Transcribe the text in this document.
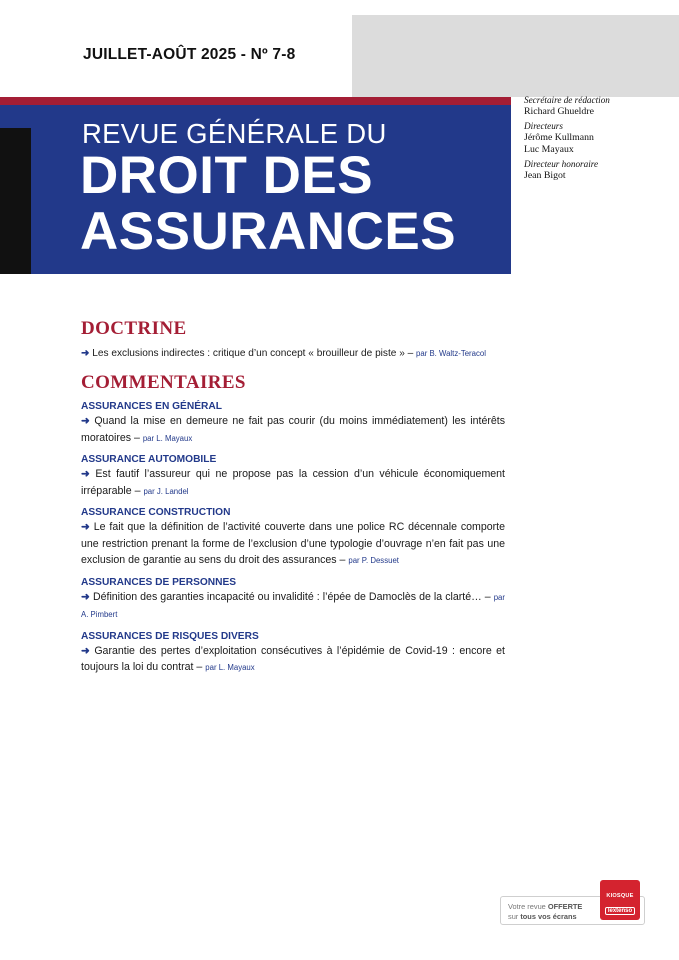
JUILLET-AOÛT 2025 - Nº 7-8
lextenso
REVUE GÉNÉRALE DU
DROIT DES
ASSURANCES
Secrétaire de rédaction
Richard Ghueldre
Directeurs
Jérôme Kullmann
Luc Mayaux
Directeur honoraire
Jean Bigot
DOCTRINE
➜ Les exclusions indirectes : critique d’un concept « brouilleur de piste » – par B. Waltz-Teracol
COMMENTAIRES
ASSURANCES EN GÉNÉRAL
➜ Quand la mise en demeure ne fait pas courir (du moins immédiatement) les intérêts moratoires – par L. Mayaux
ASSURANCE AUTOMOBILE
➜ Est fautif l’assureur qui ne propose pas la cession d’un véhicule économiquement irréparable – par J. Landel
ASSURANCE CONSTRUCTION
➜ Le fait que la définition de l’activité couverte dans une police RC décennale comporte une restriction prenant la forme de l’exclusion d’une typologie d’ouvrage n’en fait pas une exclusion de garantie au sens du droit des assurances – par P. Dessuet
ASSURANCES DE PERSONNES
➜ Définition des garanties incapacité ou invalidité : l’épée de Damoclès de la clarté… – par A. Pimbert
ASSURANCES DE RISQUES DIVERS
➜ Garantie des pertes d’exploitation consécutives à l’épidémie de Covid-19 : encore et toujours la loi du contrat – par L. Mayaux
Votre revue OFFERTE
sur tous vos écrans
KIOSQUE
lextenso
